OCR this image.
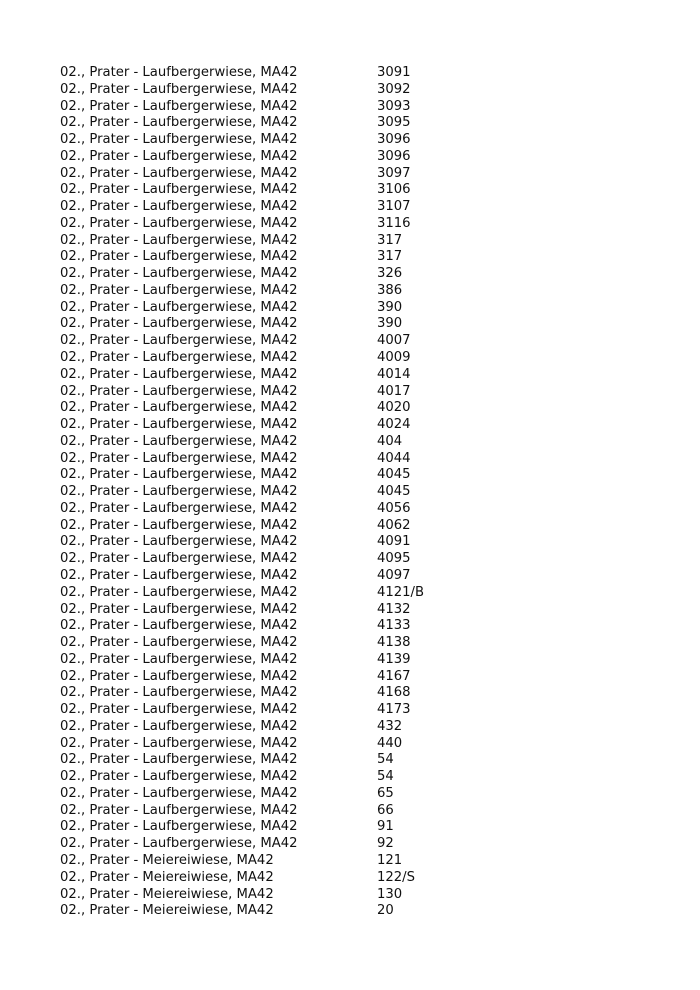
02., Prater - Laufbergerwiese, MA42	3091
02., Prater - Laufbergerwiese, MA42	3092
02., Prater - Laufbergerwiese, MA42	3093
02., Prater - Laufbergerwiese, MA42	3095
02., Prater - Laufbergerwiese, MA42	3096
02., Prater - Laufbergerwiese, MA42	3096
02., Prater - Laufbergerwiese, MA42	3097
02., Prater - Laufbergerwiese, MA42	3106
02., Prater - Laufbergerwiese, MA42	3107
02., Prater - Laufbergerwiese, MA42	3116
02., Prater - Laufbergerwiese, MA42	317
02., Prater - Laufbergerwiese, MA42	317
02., Prater - Laufbergerwiese, MA42	326
02., Prater - Laufbergerwiese, MA42	386
02., Prater - Laufbergerwiese, MA42	390
02., Prater - Laufbergerwiese, MA42	390
02., Prater - Laufbergerwiese, MA42	4007
02., Prater - Laufbergerwiese, MA42	4009
02., Prater - Laufbergerwiese, MA42	4014
02., Prater - Laufbergerwiese, MA42	4017
02., Prater - Laufbergerwiese, MA42	4020
02., Prater - Laufbergerwiese, MA42	4024
02., Prater - Laufbergerwiese, MA42	404
02., Prater - Laufbergerwiese, MA42	4044
02., Prater - Laufbergerwiese, MA42	4045
02., Prater - Laufbergerwiese, MA42	4045
02., Prater - Laufbergerwiese, MA42	4056
02., Prater - Laufbergerwiese, MA42	4062
02., Prater - Laufbergerwiese, MA42	4091
02., Prater - Laufbergerwiese, MA42	4095
02., Prater - Laufbergerwiese, MA42	4097
02., Prater - Laufbergerwiese, MA42	4121/B
02., Prater - Laufbergerwiese, MA42	4132
02., Prater - Laufbergerwiese, MA42	4133
02., Prater - Laufbergerwiese, MA42	4138
02., Prater - Laufbergerwiese, MA42	4139
02., Prater - Laufbergerwiese, MA42	4167
02., Prater - Laufbergerwiese, MA42	4168
02., Prater - Laufbergerwiese, MA42	4173
02., Prater - Laufbergerwiese, MA42	432
02., Prater - Laufbergerwiese, MA42	440
02., Prater - Laufbergerwiese, MA42	54
02., Prater - Laufbergerwiese, MA42	54
02., Prater - Laufbergerwiese, MA42	65
02., Prater - Laufbergerwiese, MA42	66
02., Prater - Laufbergerwiese, MA42	91
02., Prater - Laufbergerwiese, MA42	92
02., Prater - Meiereiwiese, MA42	121
02., Prater - Meiereiwiese, MA42	122/S
02., Prater - Meiereiwiese, MA42	130
02., Prater - Meiereiwiese, MA42	20
